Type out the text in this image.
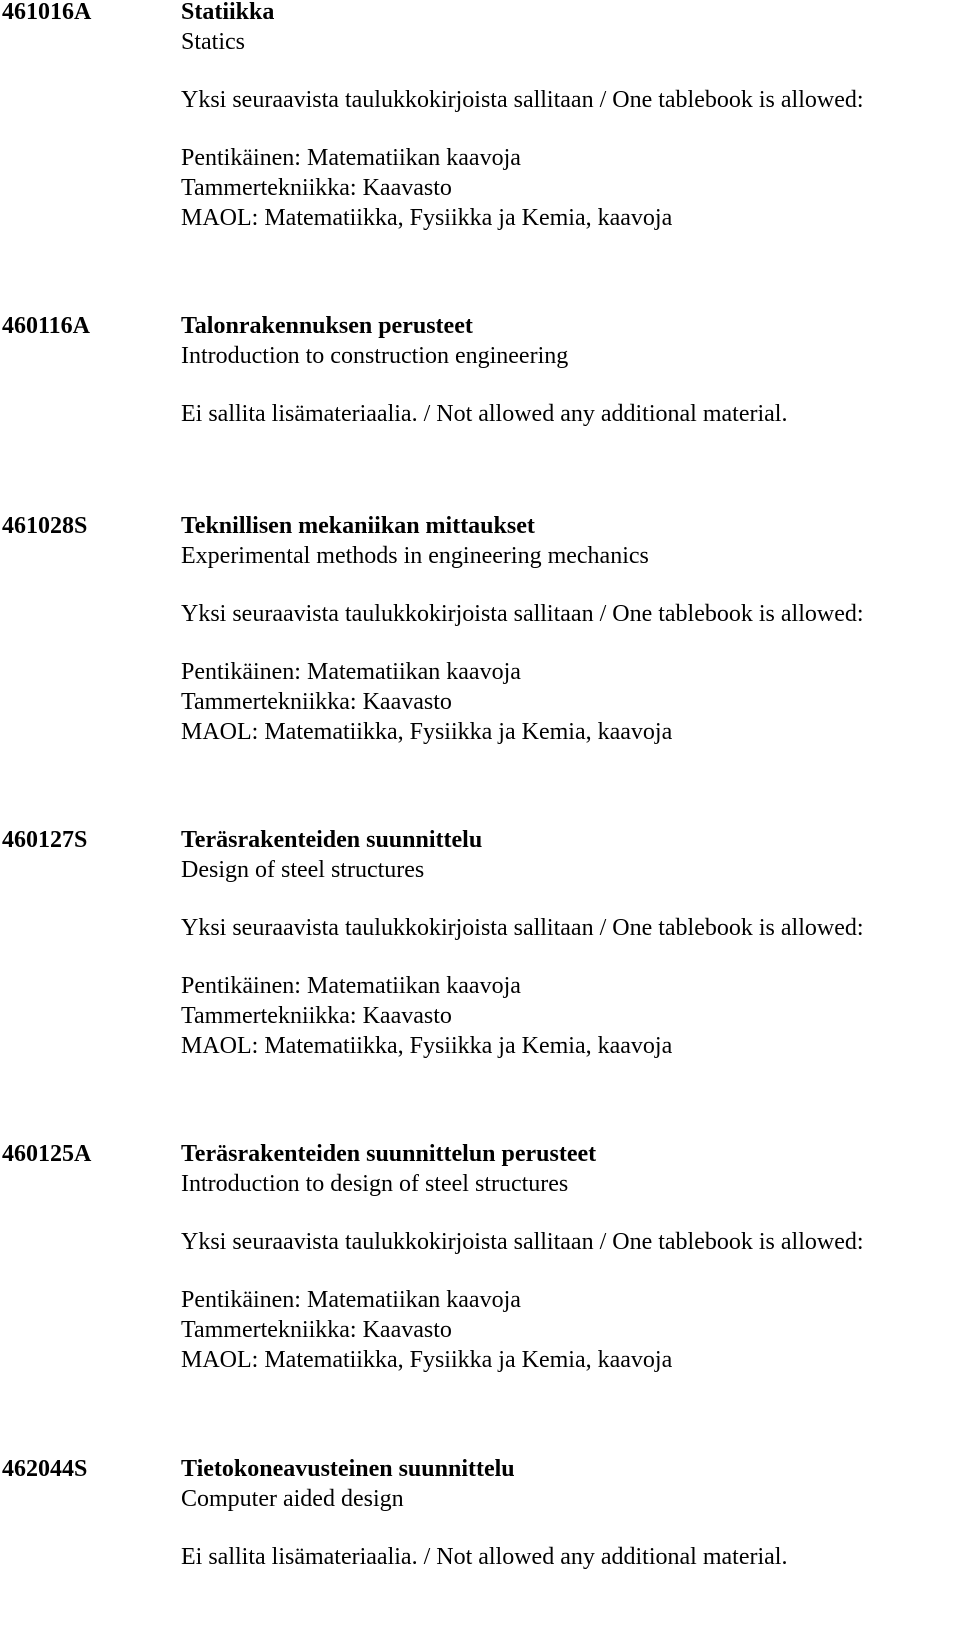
461016A	Statiikka
Statics
Yksi seuraavista taulukkokirjoista sallitaan / One tablebook is allowed:
Pentikäinen: Matematiikan kaavoja
Tammertekniikka: Kaavasto
MAOL: Matematiikka, Fysiikka ja Kemia, kaavoja
460116A	Talonrakennuksen perusteet
Introduction to construction engineering
Ei sallita lisämateriaalia. / Not allowed any additional material.
461028S	Teknillisen mekaniikan mittaukset
Experimental methods in engineering mechanics
Yksi seuraavista taulukkokirjoista sallitaan / One tablebook is allowed:
Pentikäinen: Matematiikan kaavoja
Tammertekniikka: Kaavasto
MAOL: Matematiikka, Fysiikka ja Kemia, kaavoja
460127S	Teräsrakenteiden suunnittelu
Design of steel structures
Yksi seuraavista taulukkokirjoista sallitaan / One tablebook is allowed:
Pentikäinen: Matematiikan kaavoja
Tammertekniikka: Kaavasto
MAOL: Matematiikka, Fysiikka ja Kemia, kaavoja
460125A	Teräsrakenteiden suunnittelun perusteet
Introduction to design of steel structures
Yksi seuraavista taulukkokirjoista sallitaan / One tablebook is allowed:
Pentikäinen: Matematiikan kaavoja
Tammertekniikka: Kaavasto
MAOL: Matematiikka, Fysiikka ja Kemia, kaavoja
462044S	Tietokoneavusteinen suunnittelu
Computer aided design
Ei sallita lisämateriaalia. / Not allowed any additional material.
